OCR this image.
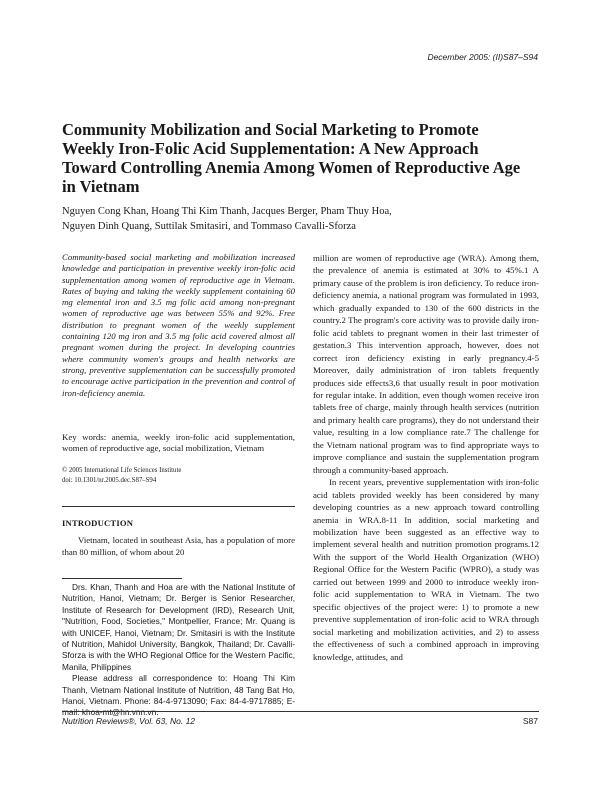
December 2005: (II)S87–S94
Community Mobilization and Social Marketing to Promote Weekly Iron-Folic Acid Supplementation: A New Approach Toward Controlling Anemia Among Women of Reproductive Age in Vietnam
Nguyen Cong Khan, Hoang Thi Kim Thanh, Jacques Berger, Pham Thuy Hoa,
Nguyen Dinh Quang, Suttilak Smitasiri, and Tommaso Cavalli-Sforza
Community-based social marketing and mobilization increased knowledge and participation in preventive weekly iron-folic acid supplementation among women of reproductive age in Vietnam. Rates of buying and taking the weekly supplement containing 60 mg elemental iron and 3.5 mg folic acid among non-pregnant women of reproductive age was between 55% and 92%. Free distribution to pregnant women of the weekly supplement containing 120 mg iron and 3.5 mg folic acid covered almost all pregnant women during the project. In developing countries where community women's groups and health networks are strong, preventive supplementation can be successfully promoted to encourage active participation in the prevention and control of iron-deficiency anemia.
Key words: anemia, weekly iron-folic acid supplementation, women of reproductive age, social mobilization, Vietnam
© 2005 International Life Sciences Institute
doi: 10.1301/nr.2005.dec.S87–S94
INTRODUCTION
Vietnam, located in southeast Asia, has a population of more than 80 million, of whom about 20

Drs. Khan, Thanh and Hoa are with the National Institute of Nutrition, Hanoi, Vietnam; Dr. Berger is Senior Researcher, Institute of Research for Development (IRD), Research Unit, "Nutrition, Food, Societies," Montpellier, France; Mr. Quang is with UNICEF, Hanoi, Vietnam; Dr. Smitasiri is with the Institute of Nutrition, Mahidol University, Bangkok, Thailand; Dr. Cavalli-Sforza is with the WHO Regional Office for the Western Pacific, Manila, Philippines

Please address all correspondence to: Hoang Thi Kim Thanh, Vietnam National Institute of Nutrition, 48 Tang Bat Ho, Hanoi, Vietnam. Phone: 84-4-9713090; Fax: 84-4-9717885; E-mail: khoa-mt@hn.vnn.vn.

million are women of reproductive age (WRA). Among them, the prevalence of anemia is estimated at 30% to 45%.1 A primary cause of the problem is iron deficiency. To reduce iron-deficiency anemia, a national program was formulated in 1993, which gradually expanded to 130 of the 600 districts in the country.2 The program's core activity was to provide daily iron-folic acid tablets to pregnant women in their last trimester of gestation.3 This intervention approach, however, does not correct iron deficiency existing in early pregnancy.4-5 Moreover, daily administration of iron tablets frequently produces side effects3,6 that usually result in poor motivation for regular intake. In addition, even though women receive iron tablets free of charge, mainly through health services (nutrition and primary health care programs), they do not understand their value, resulting in a low compliance rate.7 The challenge for the Vietnam national program was to find appropriate ways to improve compliance and sustain the supplementation program through a community-based approach.

In recent years, preventive supplementation with iron-folic acid tablets provided weekly has been considered by many developing countries as a new approach toward controlling anemia in WRA.8-11 In addition, social marketing and mobilization have been suggested as an effective way to implement several health and nutrition promotion programs.12 With the support of the World Health Organization (WHO) Regional Office for the Western Pacific (WPRO), a study was carried out between 1999 and 2000 to introduce weekly iron-folic acid supplementation to WRA in Vietnam. The two specific objectives of the project were: 1) to promote a new preventive supplementation of iron-folic acid to WRA through social marketing and mobilization activities, and 2) to assess the effectiveness of such a combined approach in improving knowledge, attitudes, and

Nutrition Reviews®, Vol. 63, No. 12	S87
